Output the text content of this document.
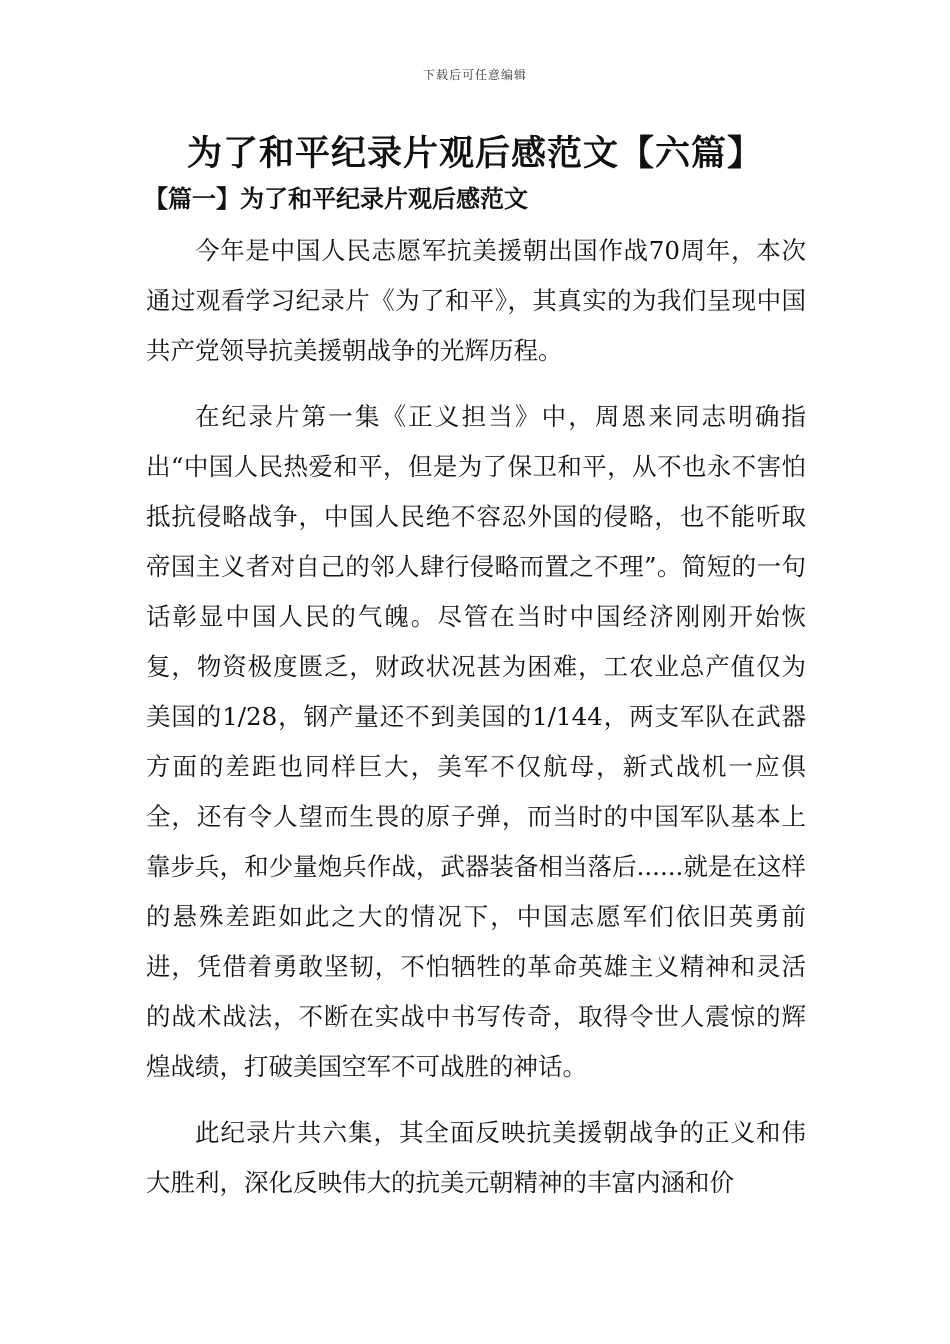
下载后可任意编辑
为了和平纪录片观后感范文【六篇】
【篇一】为了和平纪录片观后感范文

今年是中国人民志愿军抗美援朝出国作战70周年，本次通过观看学习纪录片《为了和平》，其真实的为我们呈现中国共产党领导抗美援朝战争的光辉历程。

在纪录片第一集《正义担当》中，周恩来同志明确指出“中国人民热爱和平，但是为了保卫和平，从不也永不害怕抵抗侵略战争，中国人民绝不容忍外国的侵略，也不能听取帝国主义者对自己的邻人肆行侵略而置之不理”。简短的一句话彰显中国人民的气魄。尽管在当时中国经济刚刚开始恢复，物资极度匮乏，财政状况甚为困难，工农业总产值仅为美国的1/28，钢产量还不到美国的1/144，两支军队在武器方面的差距也同样巨大，美军不仅航母，新式战机一应俱全，还有令人望而生畏的原子弹，而当时的中国军队基本上靠步兵，和少量炮兵作战，武器装备相当落后......就是在这样的悬殊差距如此之大的情况下，中国志愿军们依旧英勇前进，凭借着勇敢坚韧，不怕牺牲的革命英雄主义精神和灵活的战术战法，不断在实战中书写传奇，取得令世人震惊的辉煌战绩，打破美国空军不可战胜的神话。

此纪录片共六集，其全面反映抗美援朝战争的正义和伟大胜利，深化反映伟大的抗美元朝精神的丰富内涵和价
